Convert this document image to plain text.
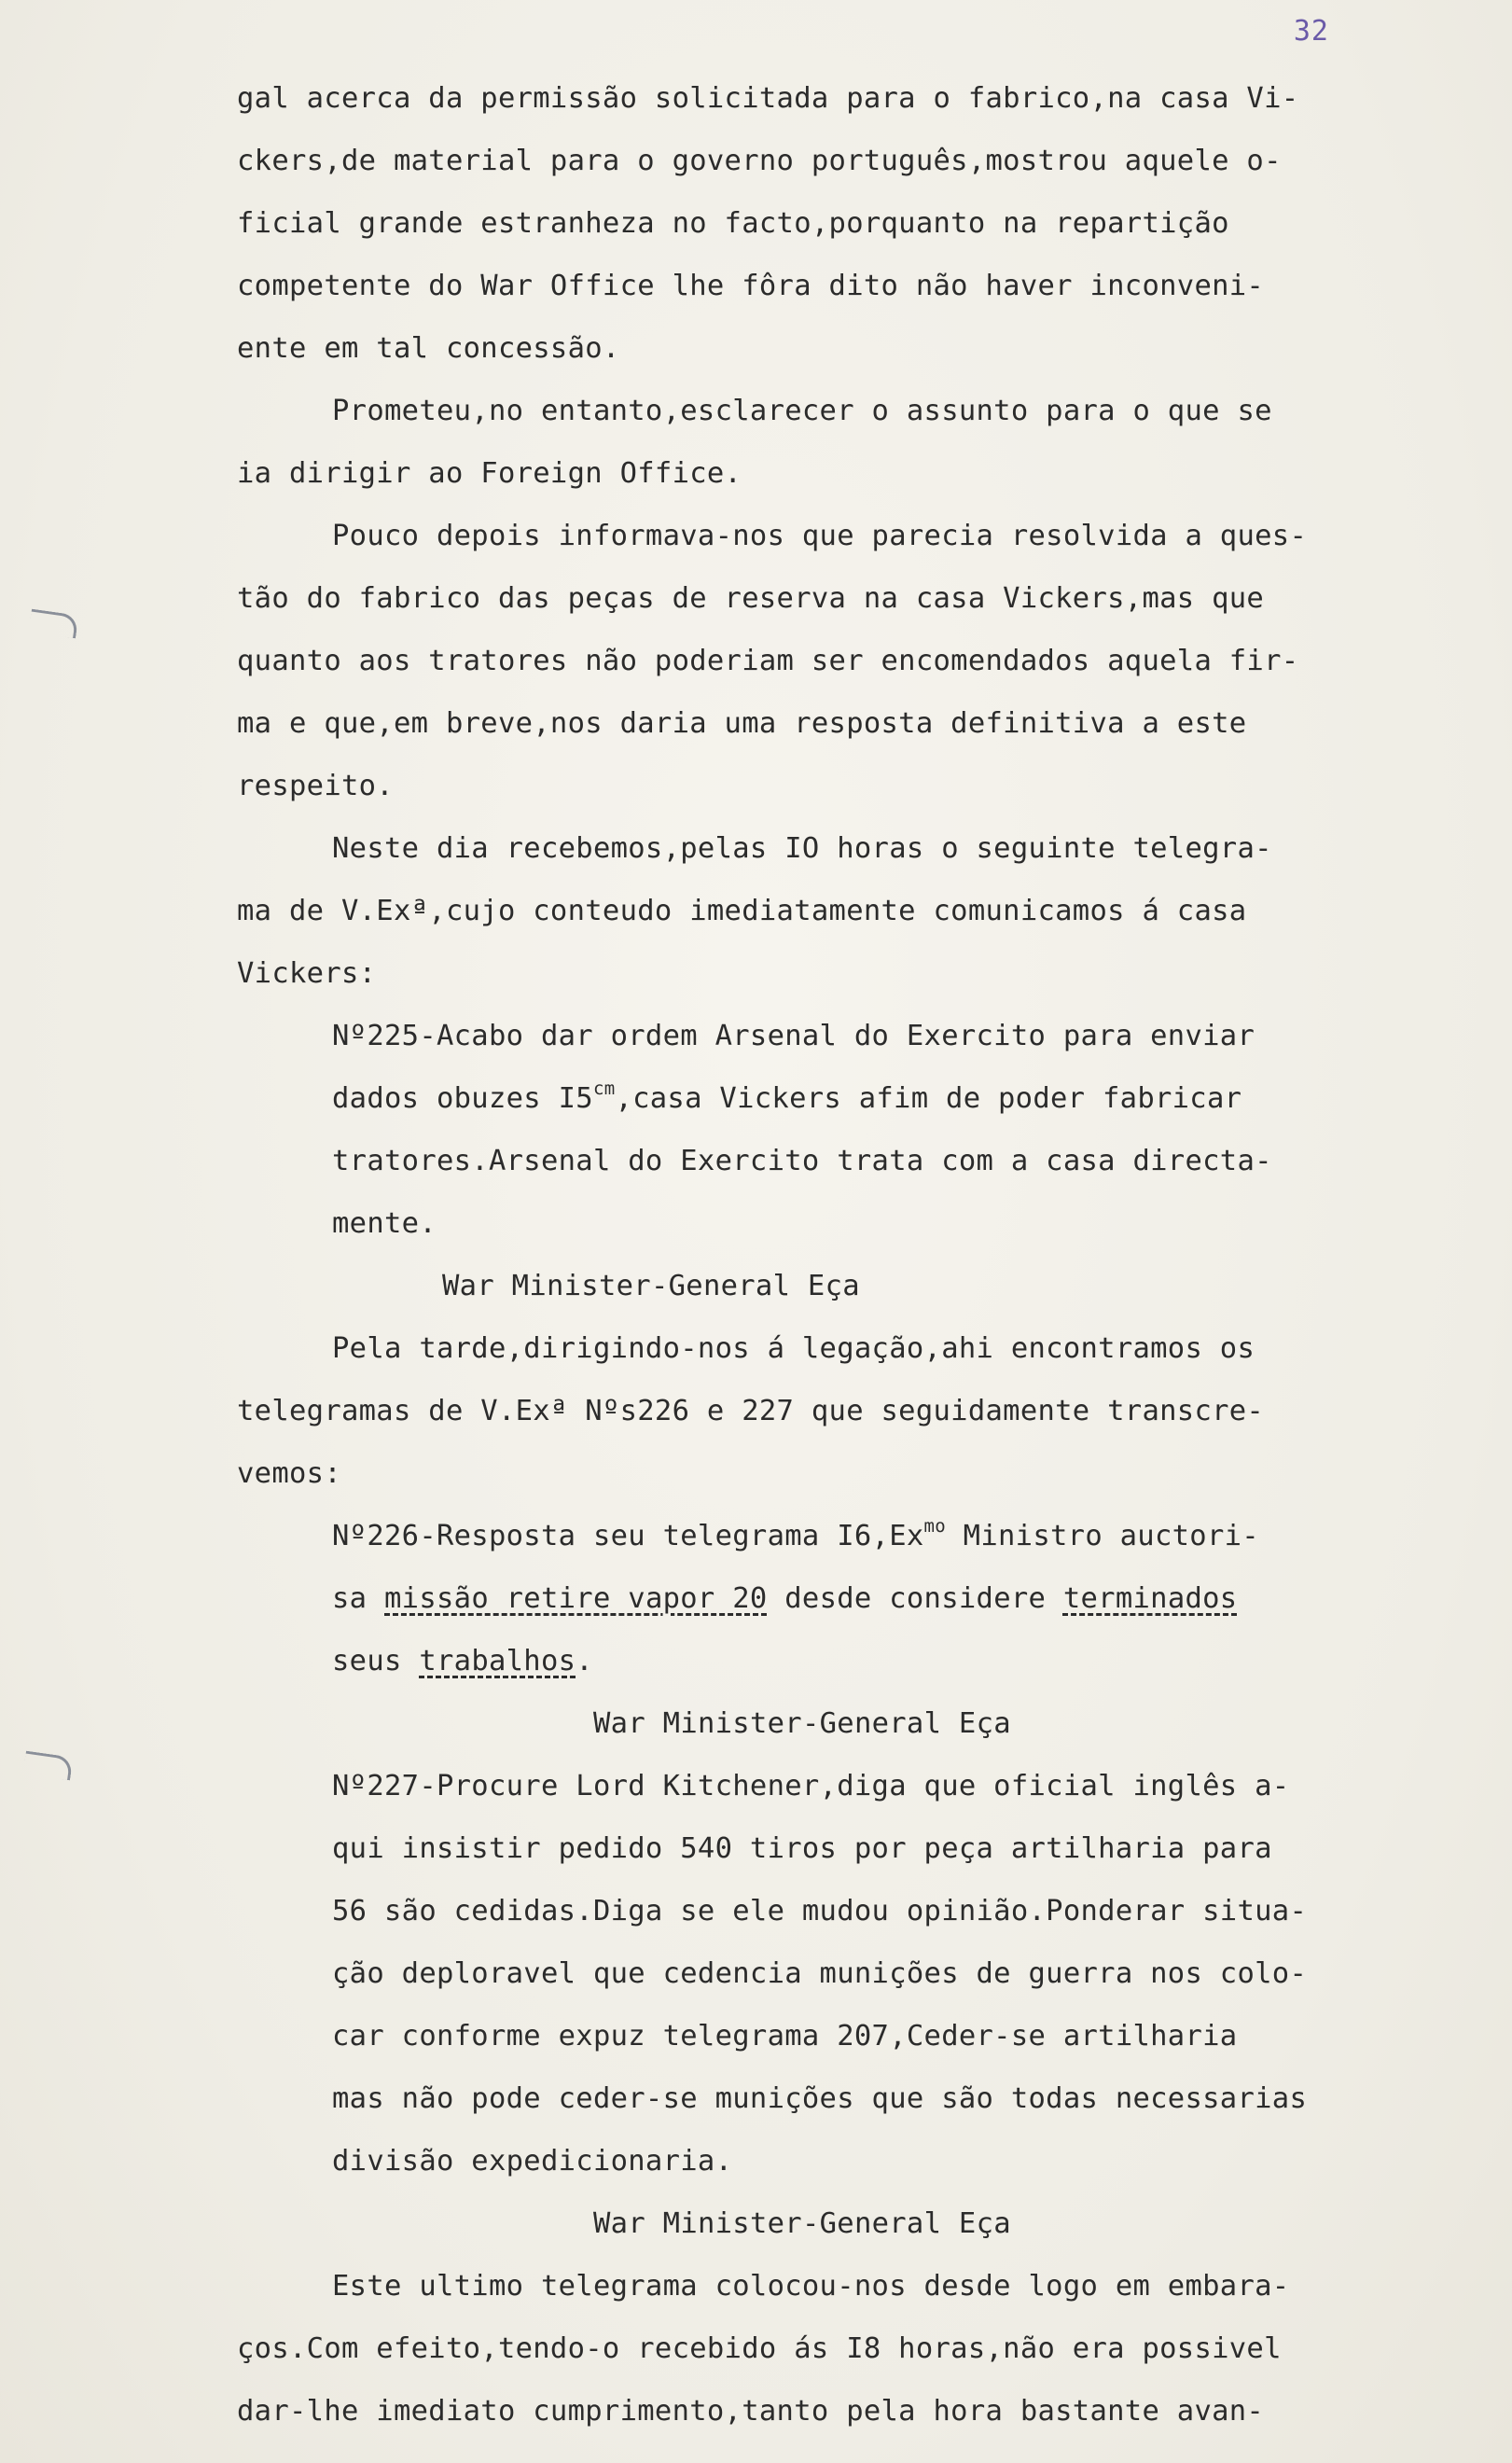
32
gal acerca da permissão solicitada para o fabrico,na casa Vi-
ckers,de material para o governo português,mostrou aquele o-
ficial grande estranheza no facto,porquanto na repartição
competente do War Office lhe fôra dito não haver inconveni-
ente em tal concessão.
Prometeu,no entanto,esclarecer o assunto para o que se
ia dirigir ao Foreign Office.
Pouco depois informava-nos que parecia resolvida a ques-
tão do fabrico das peças de reserva na casa Vickers,mas que
quanto aos tratores não poderiam ser encomendados aquela fir-
ma e que,em breve,nos daria uma resposta definitiva a este
respeito.
Neste dia recebemos,pelas IO horas o seguinte telegra-
ma de V.Exª,cujo conteudo imediatamente comunicamos á casa
Vickers:
Nº225-Acabo dar ordem Arsenal do Exercito para enviar
dados obuzes $I5^{cm},casa$ Vickers afim de poder fabricar
tratores.Arsenal do Exercito trata com a casa directa-
mente.
War Minister-General Eça
Pela tarde,dirigindo-nos á legação,ahi encontramos os
telegramas de V.Exª Nºs226 e 227 que seguidamente transcre-
vemos:
Nº226-Resposta seu telegrama $I6,Ex^{mo}$ Ministro auctori-
sa missão retire vapor 20 desde considere terminados
seus trabalhos.
War Minister-General Eça
Nº227-Procure Lord Kitchener,diga que oficial inglês a-
qui insistir pedido 540 tiros por peça artilharia para
56 são cedidas.Diga se ele mudou opinião.Ponderar situa-
ção deploravel que cedencia munições de guerra nos colo-
car conforme expuz telegrama 207,Ceder-se artilharia
mas não pode ceder-se munições que são todas necessarias
divisão expedicionaria.
War Minister-General Eça
Este ultimo telegrama colocou-nos desde logo em embara-
ços.Com efeito,tendo-o recebido ás I8 horas,não era possivel
dar-lhe imediato cumprimento,tanto pela hora bastante avan-
